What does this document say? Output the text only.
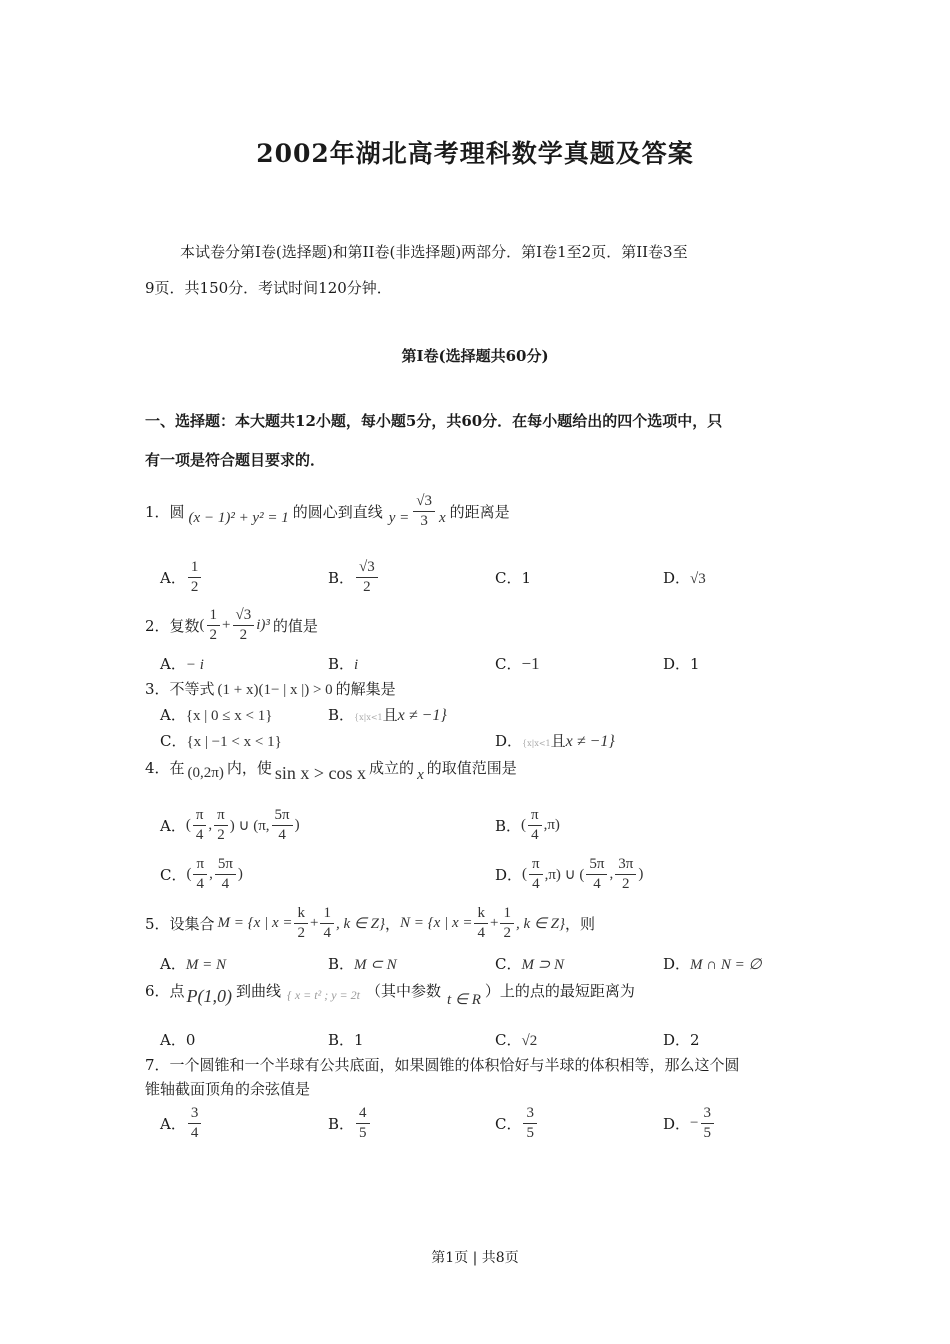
2002年湖北高考理科数学真题及答案
本试卷分第I卷(选择题)和第II卷(非选择题)两部分．第I卷1至2页．第II卷3至
9页．共150分．考试时间120分钟．
第I卷(选择题共60分)
一、选择题：本大题共12小题，每小题5分，共60分．在每小题给出的四个选项中，只
有一项是符合题目要求的．
1．圆 (x − 1)² + y² = 1 的圆心到直线 $y = \frac{√3}{3}$ x 的距离是
A． $\frac{1}{2}$	B． $\frac{√3}{2}$	C．1	D．√3
2．复数 ( $\frac{1}{2} + \frac{√3}{2} i)^3$ 的值是
A．− i	B．i	C．−1	D．1
3．不等式 (1 + x)(1− | x |) > 0 的解集是
A．{x | 0 ≤ x < 1}	B．{x|x<1且x ≠ −1}
C．{x | −1 < x < 1}	D．{x|x<1且x ≠ −1}
4．在 (0,2π) 内，使 sin x > cos x 成立的 x 的取值范围是
A． ( $\frac{\pi}{4}$ , $\frac{\pi}{2}$ ) ∪ (π, $\frac{5\pi}{4}$ )	B． ( $\frac{\pi}{4} ,\pi$)
C． ( $\frac{\pi}{4}$ , $\frac{5\pi}{4}$ )	D． ( $\frac{\pi}{4} ,\pi$) ∪ ( $\frac{5\pi}{4}$ , $\frac{3\pi}{2}$ )
5．设集合 M = {x | $x = \frac{k}{2} + \frac{1}{4}$ , k ∈ Z} ， N = {x | $x = \frac{k}{4} + \frac{1}{2}$ , k ∈ Z} ，则
A．M = N	B．M ⊂ N	C．M ⊃ N	D．M ∩ N = ∅
6．点 P(1,0) 到曲线 { x = t² ; y = 2t （其中参数 t ∈ R ）上的点的最短距离为
A．0	B．1	C．√2	D．2
7．一个圆锥和一个半球有公共底面，如果圆锥的体积恰好与半球的体积相等，那么这个圆
锥轴截面顶角的余弦值是
A． $\frac{3}{4}$	B． $\frac{4}{5}$	C． $\frac{3}{5}$	D． − $\frac{3}{5}$
第1页 | 共8页
